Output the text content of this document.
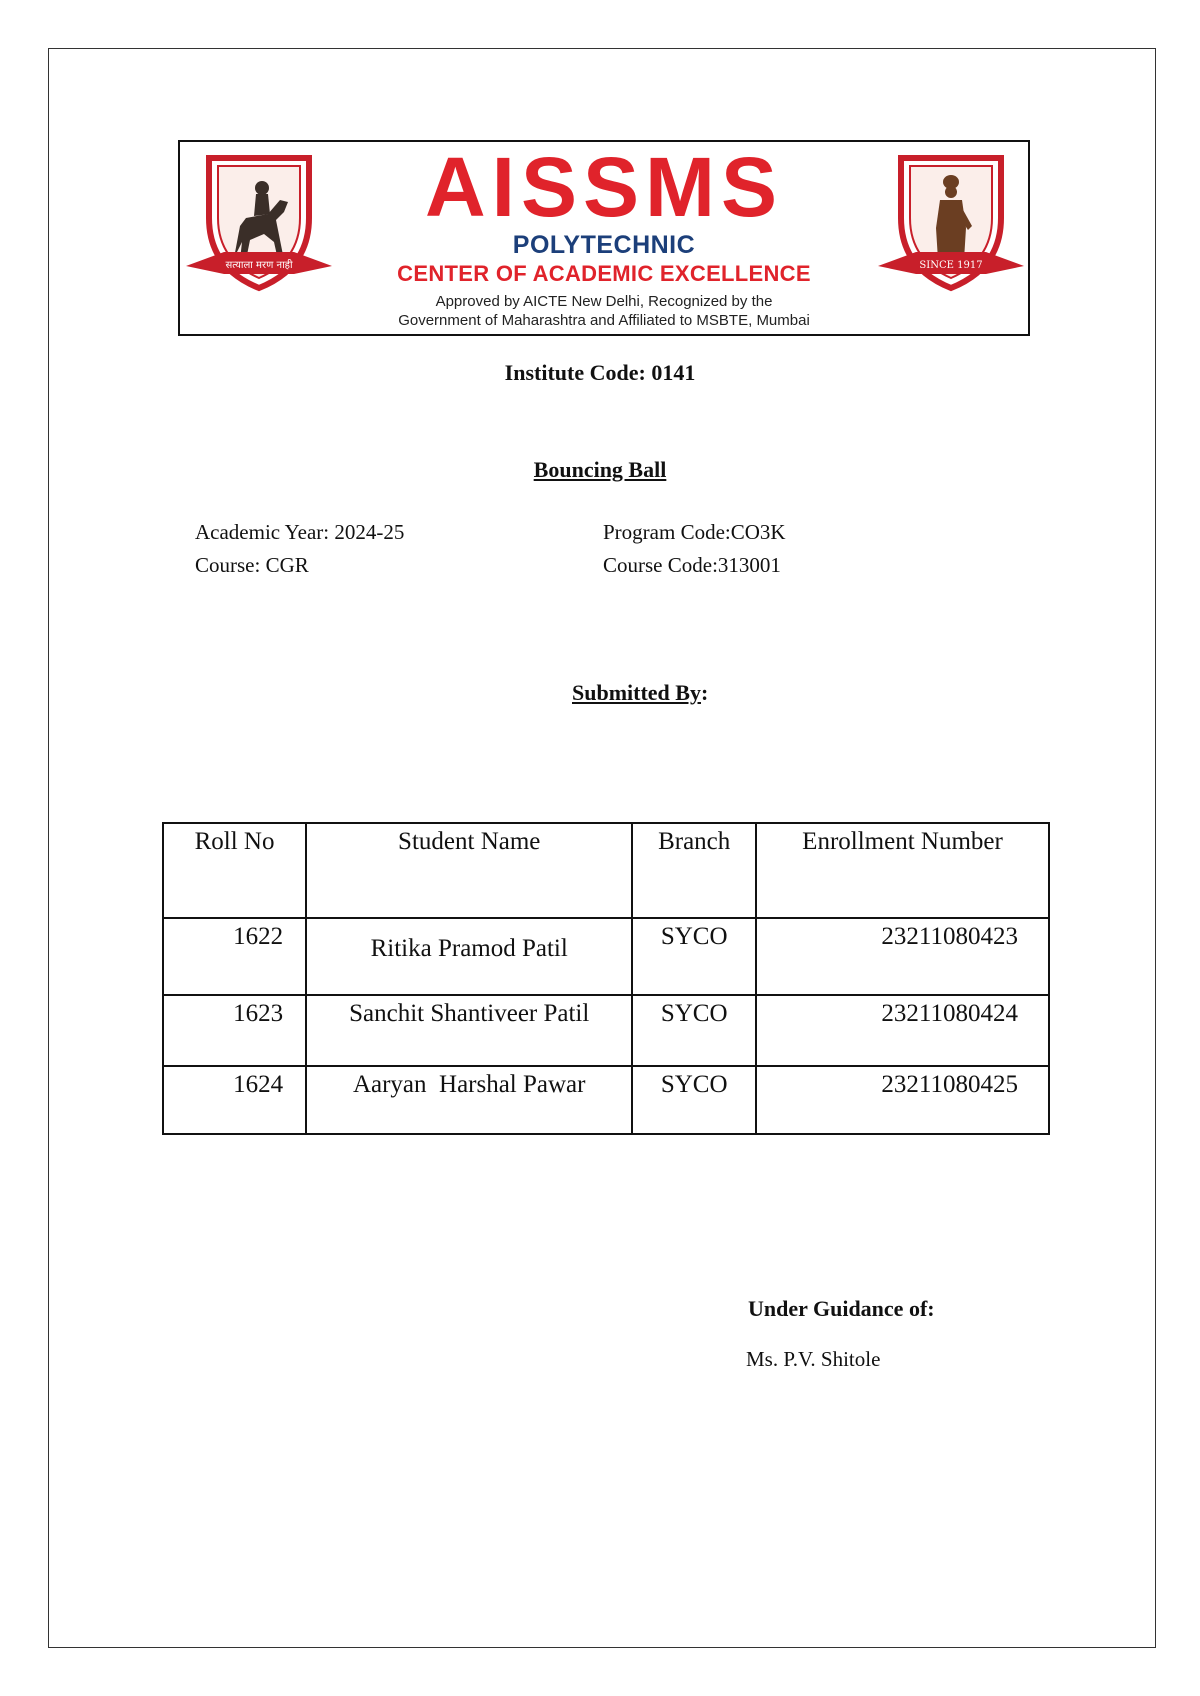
सत्याला मरण नाही
AISSMS
POLYTECHNIC
CENTER OF ACADEMIC EXCELLENCE
Approved by AICTE New Delhi, Recognized by the
Government of Maharashtra and Affiliated to MSBTE, Mumbai
SINCE 1917
Institute Code: 0141
Bouncing Ball
Academic Year: 2024-25
Course: CGR
Program Code:CO3K
Course Code:313001
Submitted By:
Roll No	Student Name	Branch	Enrollment Number
1622	Ritika Pramod Patil	SYCO	23211080423
1623	Sanchit Shantiveer Patil	SYCO	23211080424
1624	Aaryan  Harshal Pawar	SYCO	23211080425
Under Guidance of:
Ms. P.V. Shitole
